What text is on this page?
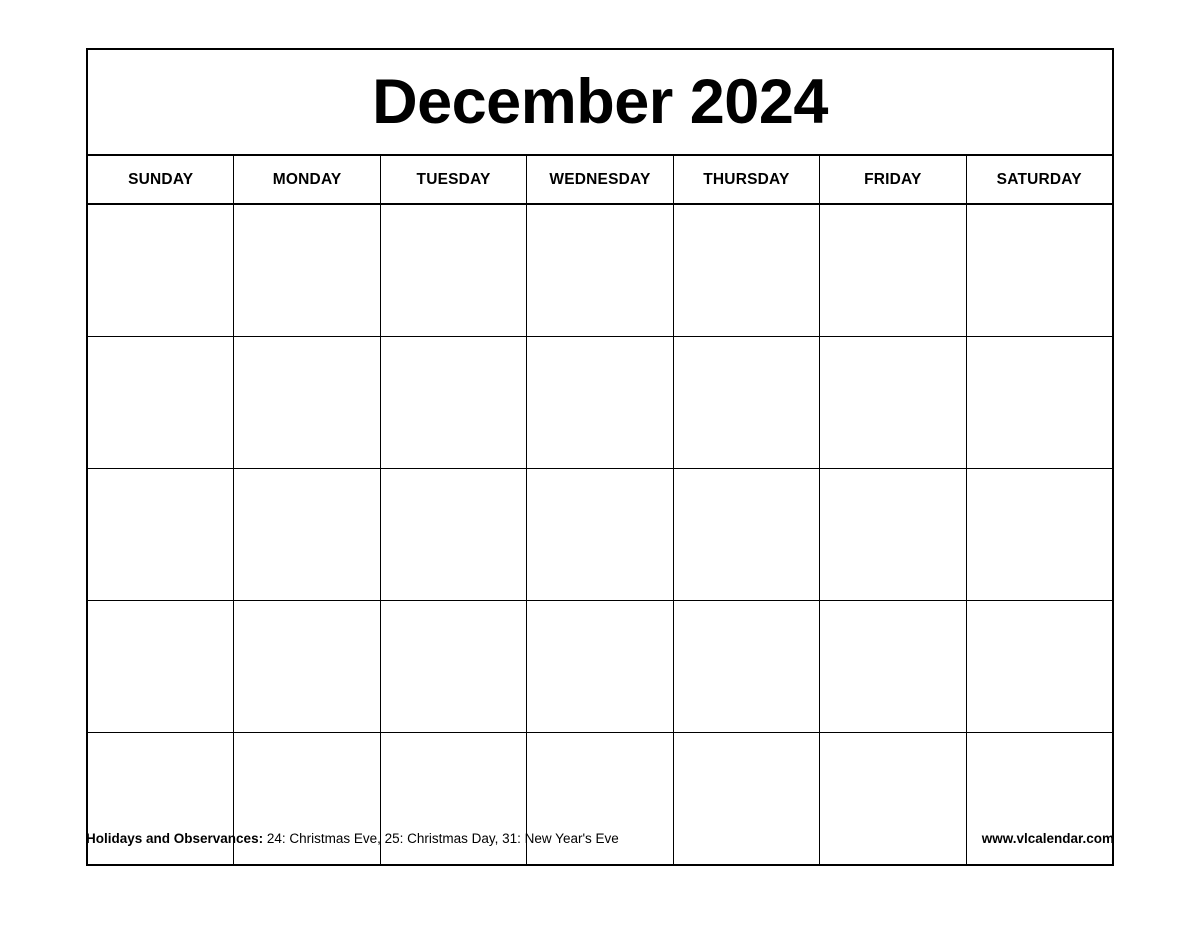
December 2024
SUNDAY	MONDAY	TUESDAY	WEDNESDAY	THURSDAY	FRIDAY	SATURDAY
Holidays and Observances: 24: Christmas Eve, 25: Christmas Day, 31: New Year's Eve	www.vlcalendar.com
